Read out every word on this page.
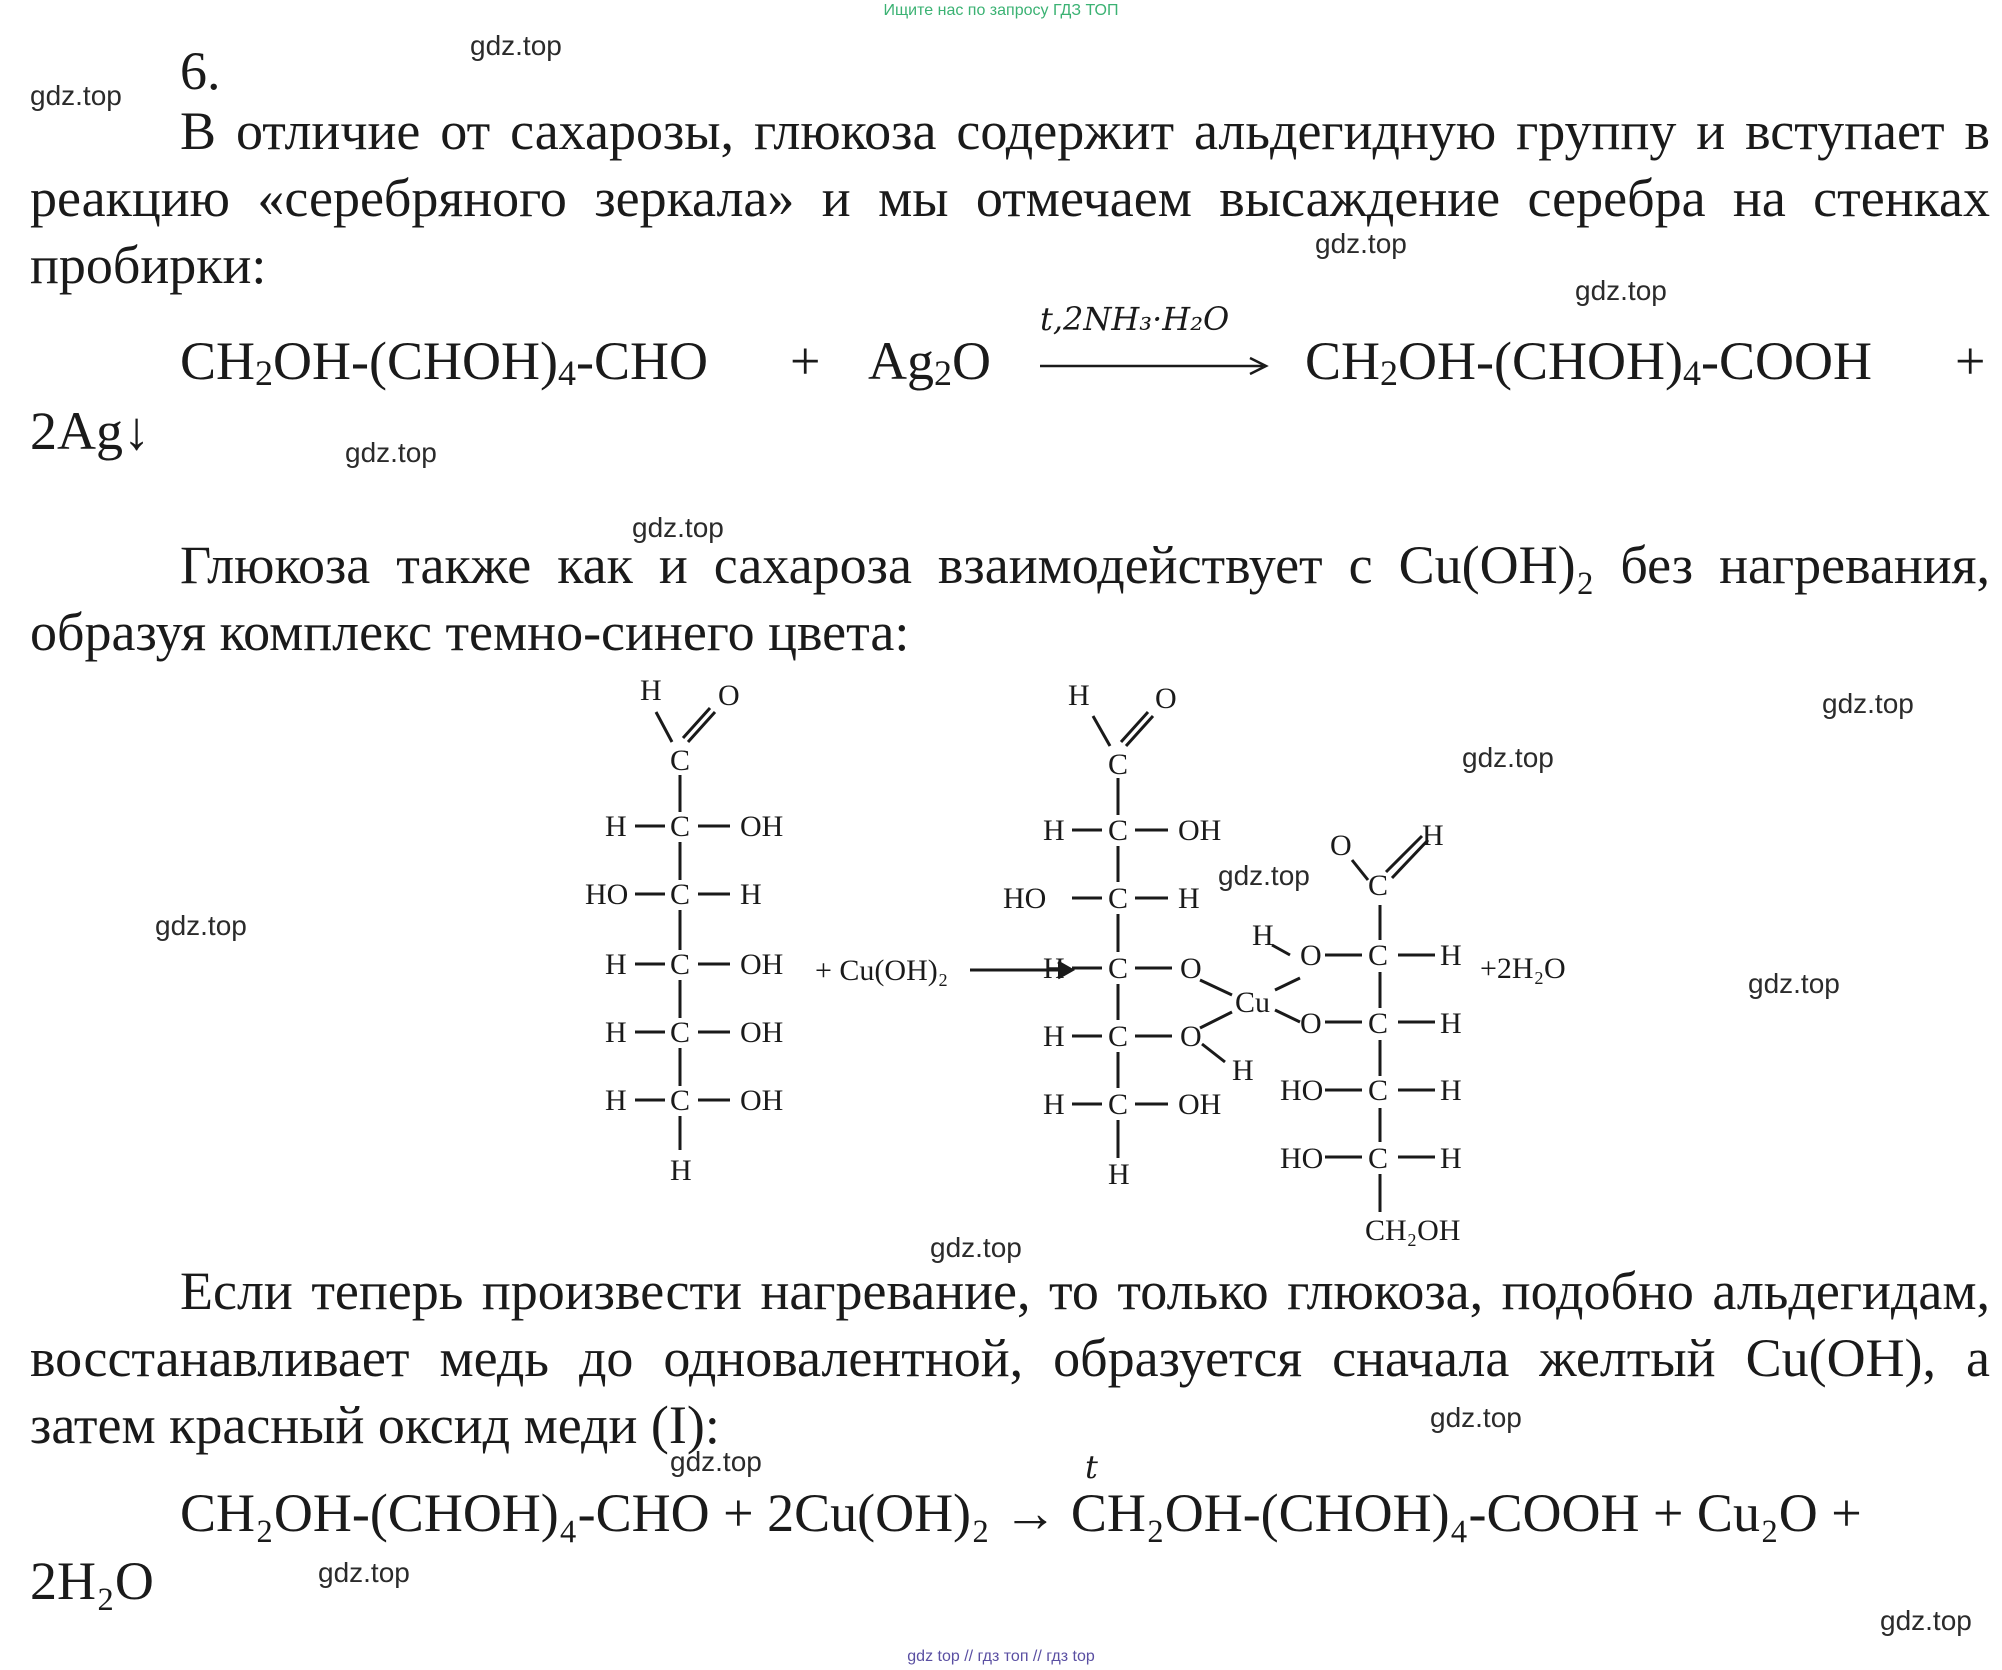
Ищите нас по запросу ГДЗ ТОП
gdz.top
gdz.top
gdz.top
gdz.top
gdz.top
gdz.top
gdz.top
gdz.top
gdz.top
gdz.top
gdz.top
gdz.top
gdz.top
gdz.top
gdz.top
gdz.top
6.
В отличие от сахарозы, глюкоза содержит альдегидную группу и вступает в реакцию «серебряного зеркала» и мы отмечаем высаждение серебра на стенках пробирки:
CH2OH-(CHOH)4-CHO + Ag2O
t,2NH₃·H₂O
CH2OH-(CHOH)4-COOH +
2Ag↓
Глюкоза также как и сахароза взаимодействует с Cu(OH)₂ без нагревания, образуя комплекс темно-синего цвета:
H O
C
H C OH
HO C H
H C OH
H C OH
H C OH
H
+ Cu(OH)₂
H O
C
H C OH
HO C H
H C O
H C O
H
H C OH
H
Cu
O H
C
H
O C H +2H₂O
O C H
HO C H
HO C H
CH₂OH
Если теперь произвести нагревание, то только глюкоза, подобно альдегидам, восстанавливает медь до одновалентной, образуется сначала желтый Cu(OH), а затем красный оксид меди (I):
t
CH₂OH-(CHOH)₄-CHO + 2Cu(OH)₂ → CH₂OH-(CHOH)₄-COOH + Cu₂O +
2H₂O
gdz top // гдз топ // гдз top
